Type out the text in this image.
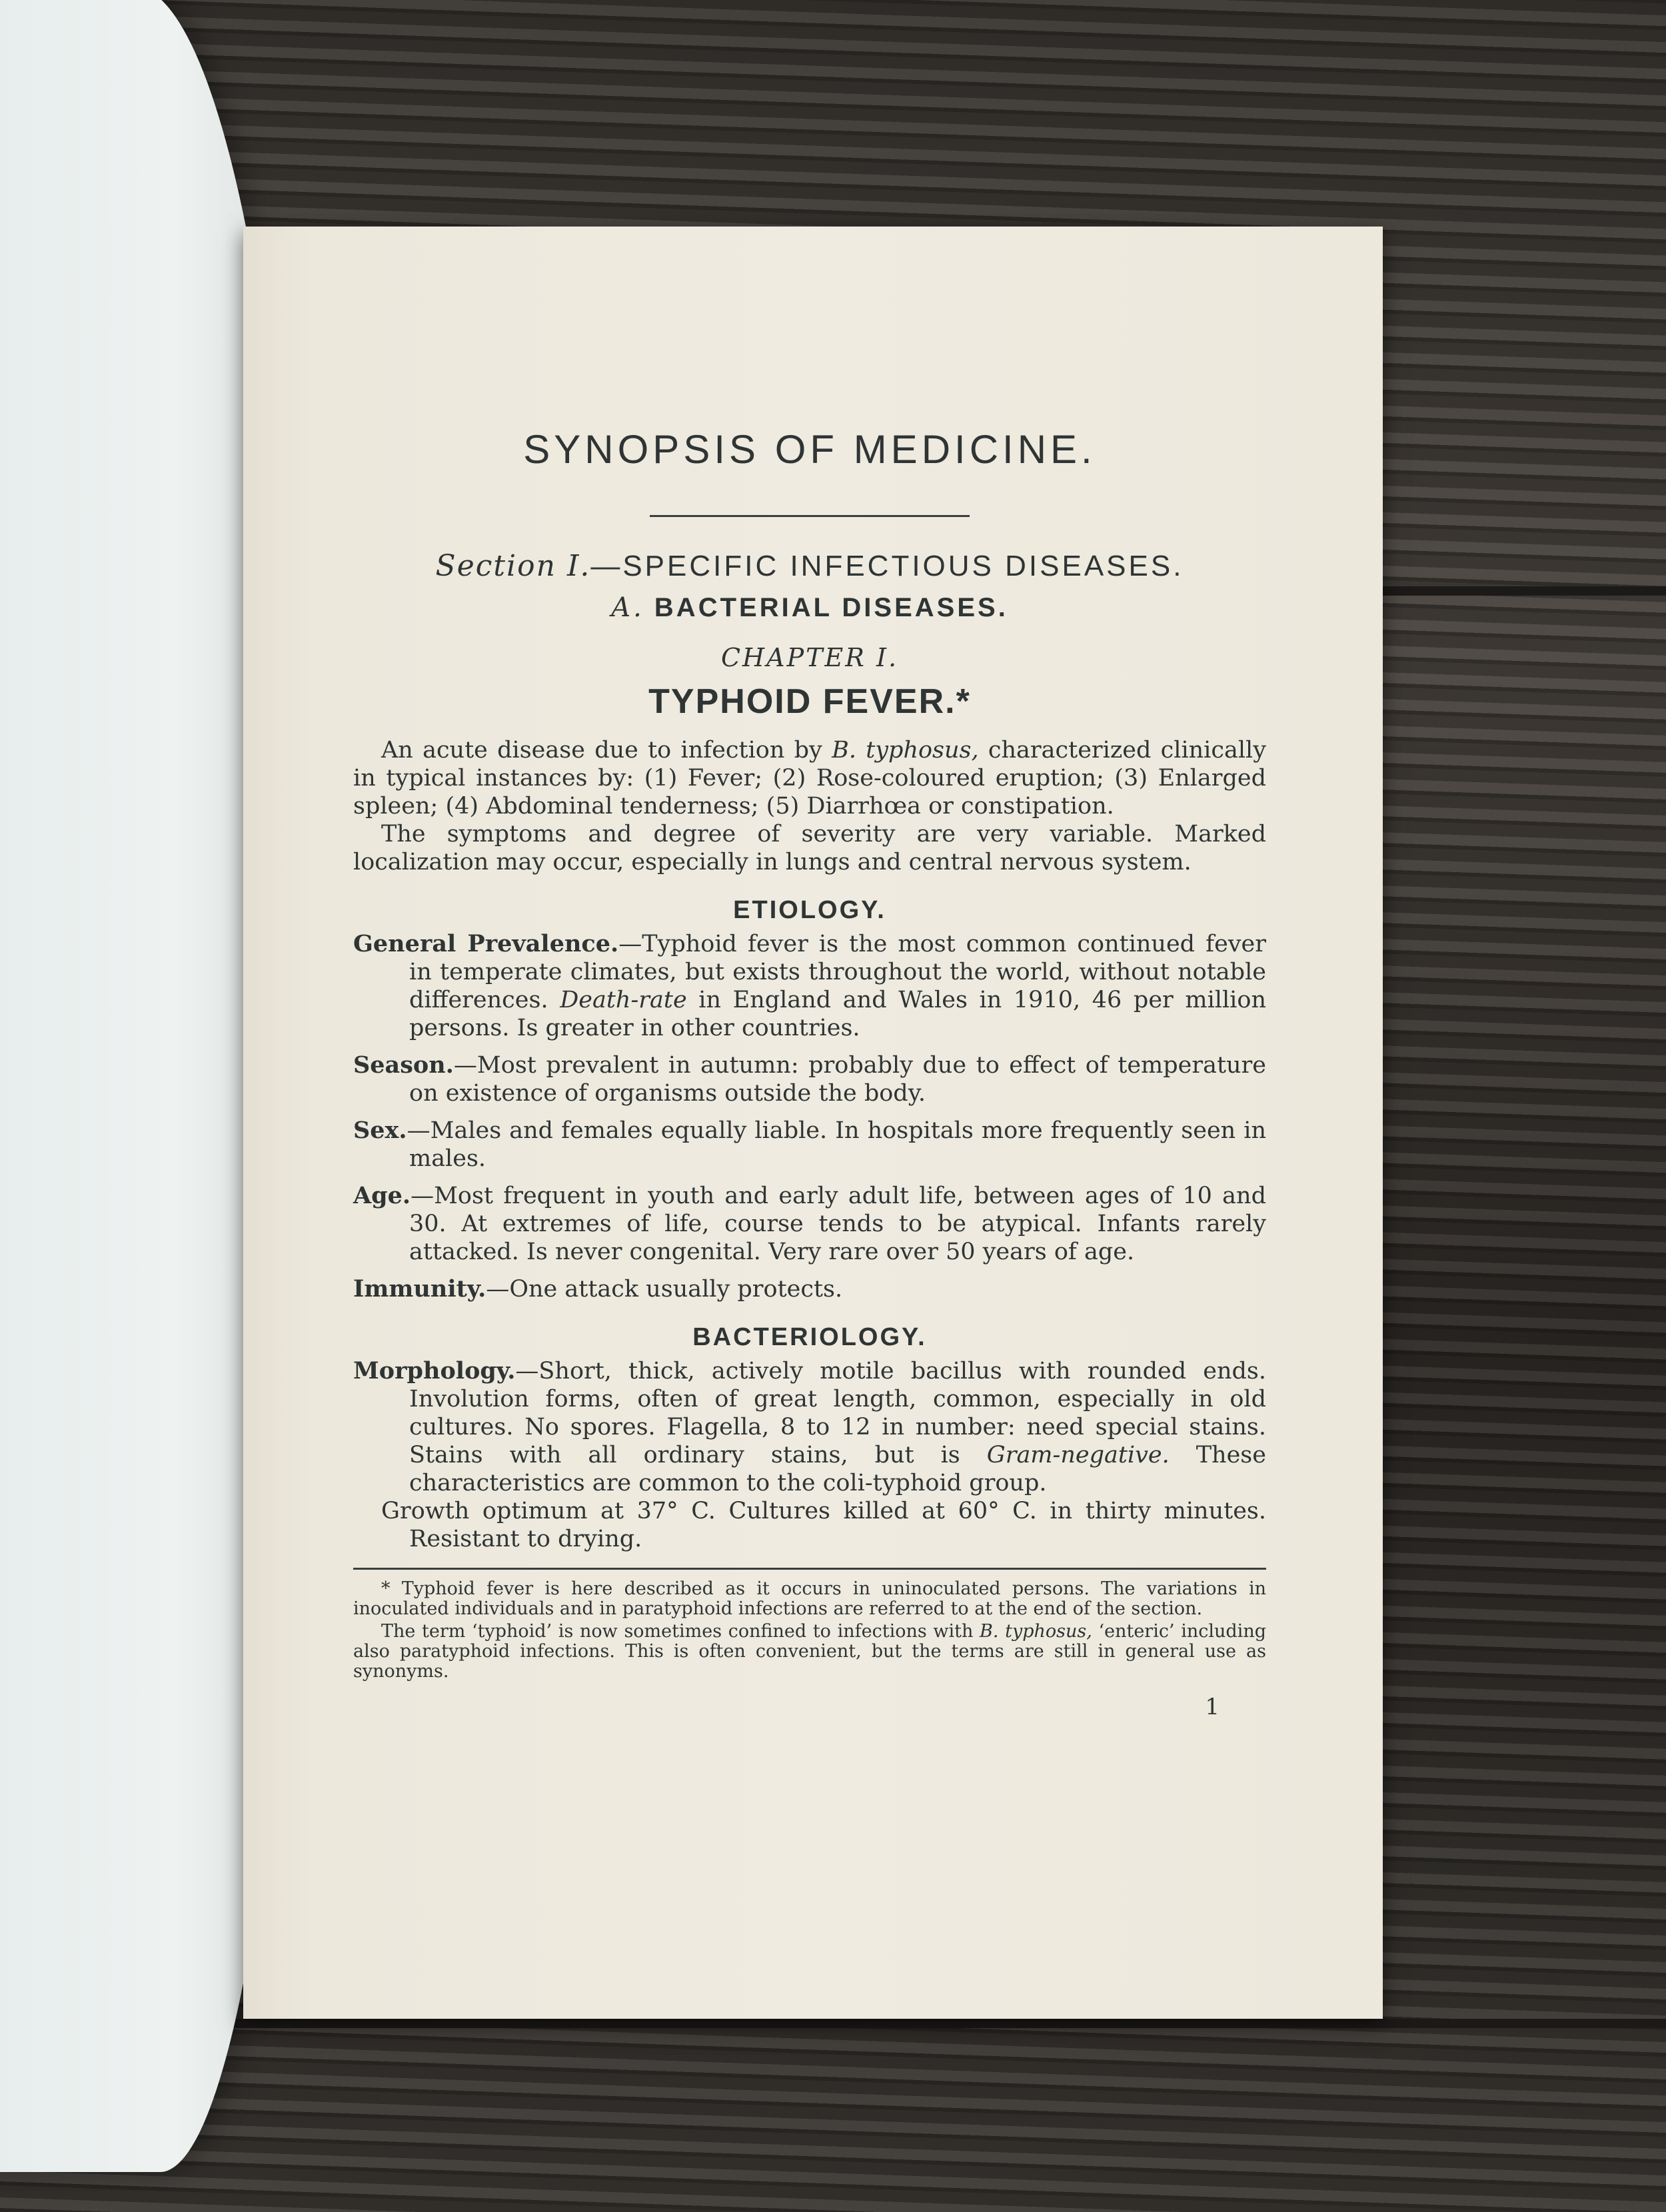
SYNOPSIS OF MEDICINE.
Section I.—SPECIFIC INFECTIOUS DISEASES.
A. BACTERIAL DISEASES.
CHAPTER I.
TYPHOID FEVER.*

An acute disease due to infection by B. typhosus, characterized clinically in typical instances by: (1) Fever; (2) Rose-coloured eruption; (3) Enlarged spleen; (4) Abdominal tenderness; (5) Diarrhœa or constipation.

The symptoms and degree of severity are very variable. Marked localization may occur, especially in lungs and central nervous system.

ETIOLOGY.

General Prevalence.—Typhoid fever is the most common continued fever in temperate climates, but exists throughout the world, without notable differences. Death-rate in England and Wales in 1910, 46 per million persons. Is greater in other countries.

Season.—Most prevalent in autumn: probably due to effect of temperature on existence of organisms outside the body.

Sex.—Males and females equally liable. In hospitals more frequently seen in males.

Age.—Most frequent in youth and early adult life, between ages of 10 and 30. At extremes of life, course tends to be atypical. Infants rarely attacked. Is never congenital. Very rare over 50 years of age.

Immunity.—One attack usually protects.

BACTERIOLOGY.

Morphology.—Short, thick, actively motile bacillus with rounded ends. Involution forms, often of great length, common, especially in old cultures. No spores. Flagella, 8 to 12 in number: need special stains. Stains with all ordinary stains, but is Gram-negative. These characteristics are common to the coli-typhoid group.

Growth optimum at 37° C. Cultures killed at 60° C. in thirty minutes. Resistant to drying.

* Typhoid fever is here described as it occurs in uninoculated persons. The variations in inoculated individuals and in paratyphoid infections are referred to at the end of the section.

The term ‘typhoid’ is now sometimes confined to infections with B. typhosus, ‘enteric’ including also paratyphoid infections. This is often convenient, but the terms are still in general use as synonyms.

1
